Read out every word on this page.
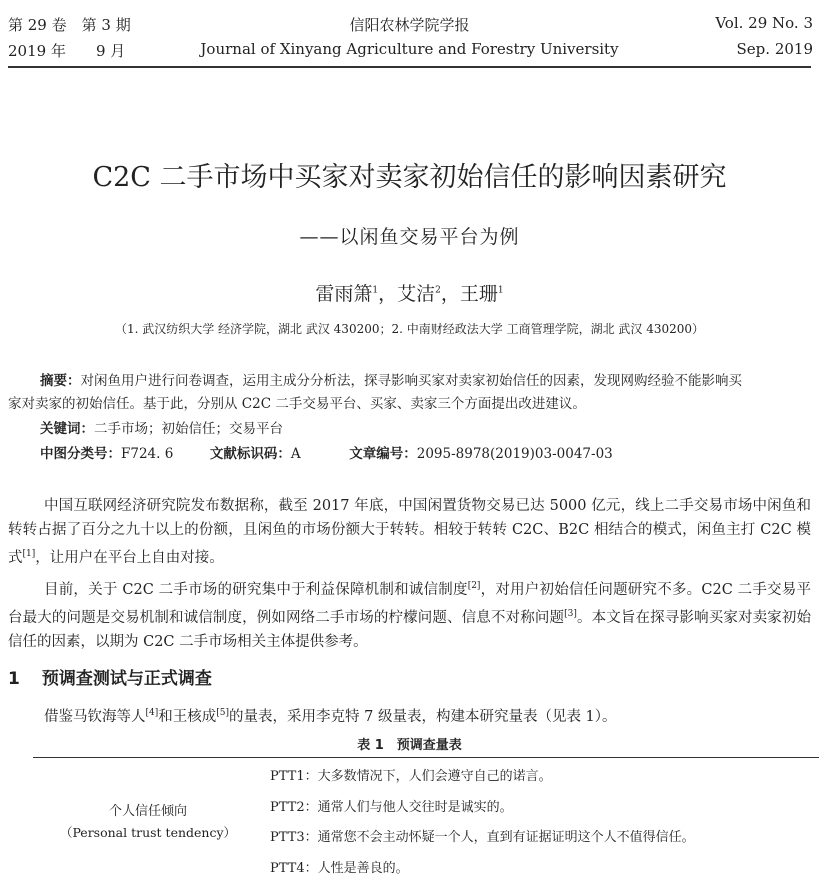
第 29 卷　第 3 期	信阳农林学院学报	Vol. 29 No. 3
2019 年　　9 月	Journal of Xinyang Agriculture and Forestry University	Sep. 2019
C2C 二手市场中买家对卖家初始信任的影响因素研究
——以闲鱼交易平台为例
雷雨箫$^1$，艾洁$^2$，王珊$^1$
（1. 武汉纺织大学 经济学院，湖北 武汉 430200；2. 中南财经政法大学 工商管理学院，湖北 武汉 430200）
摘要：对闲鱼用户进行问卷调查，运用主成分分析法，探寻影响买家对卖家初始信任的因素，发现网购经验不能影响买
家对卖家的初始信任。基于此，分别从 C2C 二手交易平台、买家、卖家三个方面提出改进建议。
关键词：二手市场；初始信任；交易平台
中图分类号：F724. 6	文献标识码：A	文章编号：2095-8978(2019)03-0047-03
中国互联网经济研究院发布数据称，截至 2017 年底，中国闲置货物交易已达 5000 亿元，线上二手交易市场中闲鱼和转转占据了百分之九十以上的份额，且闲鱼的市场份额大于转转。相较于转转 C2C、B2C 相结合的模式，闲鱼主打 C2C 模式[1]，让用户在平台上自由对接。
目前，关于 C2C 二手市场的研究集中于利益保障机制和诚信制度[2]，对用户初始信任问题研究不多。C2C 二手交易平台最大的问题是交易机制和诚信制度，例如网络二手市场的柠檬问题、信息不对称问题[3]。本文旨在探寻影响买家对卖家初始信任的因素，以期为 C2C 二手市场相关主体提供参考。
1 预调查测试与正式调查
借鉴马钦海等人[4]和王核成[5]的量表，采用李克特 7 级量表，构建本研究量表（见表 1）。
表 1　预调查量表
个人信任倾向
（Personal trust tendency）
PTT1：大多数情况下，人们会遵守自己的诺言。
PTT2：通常人们与他人交往时是诚实的。
PTT3：通常您不会主动怀疑一个人，直到有证据证明这个人不值得信任。
PTT4：人性是善良的。
